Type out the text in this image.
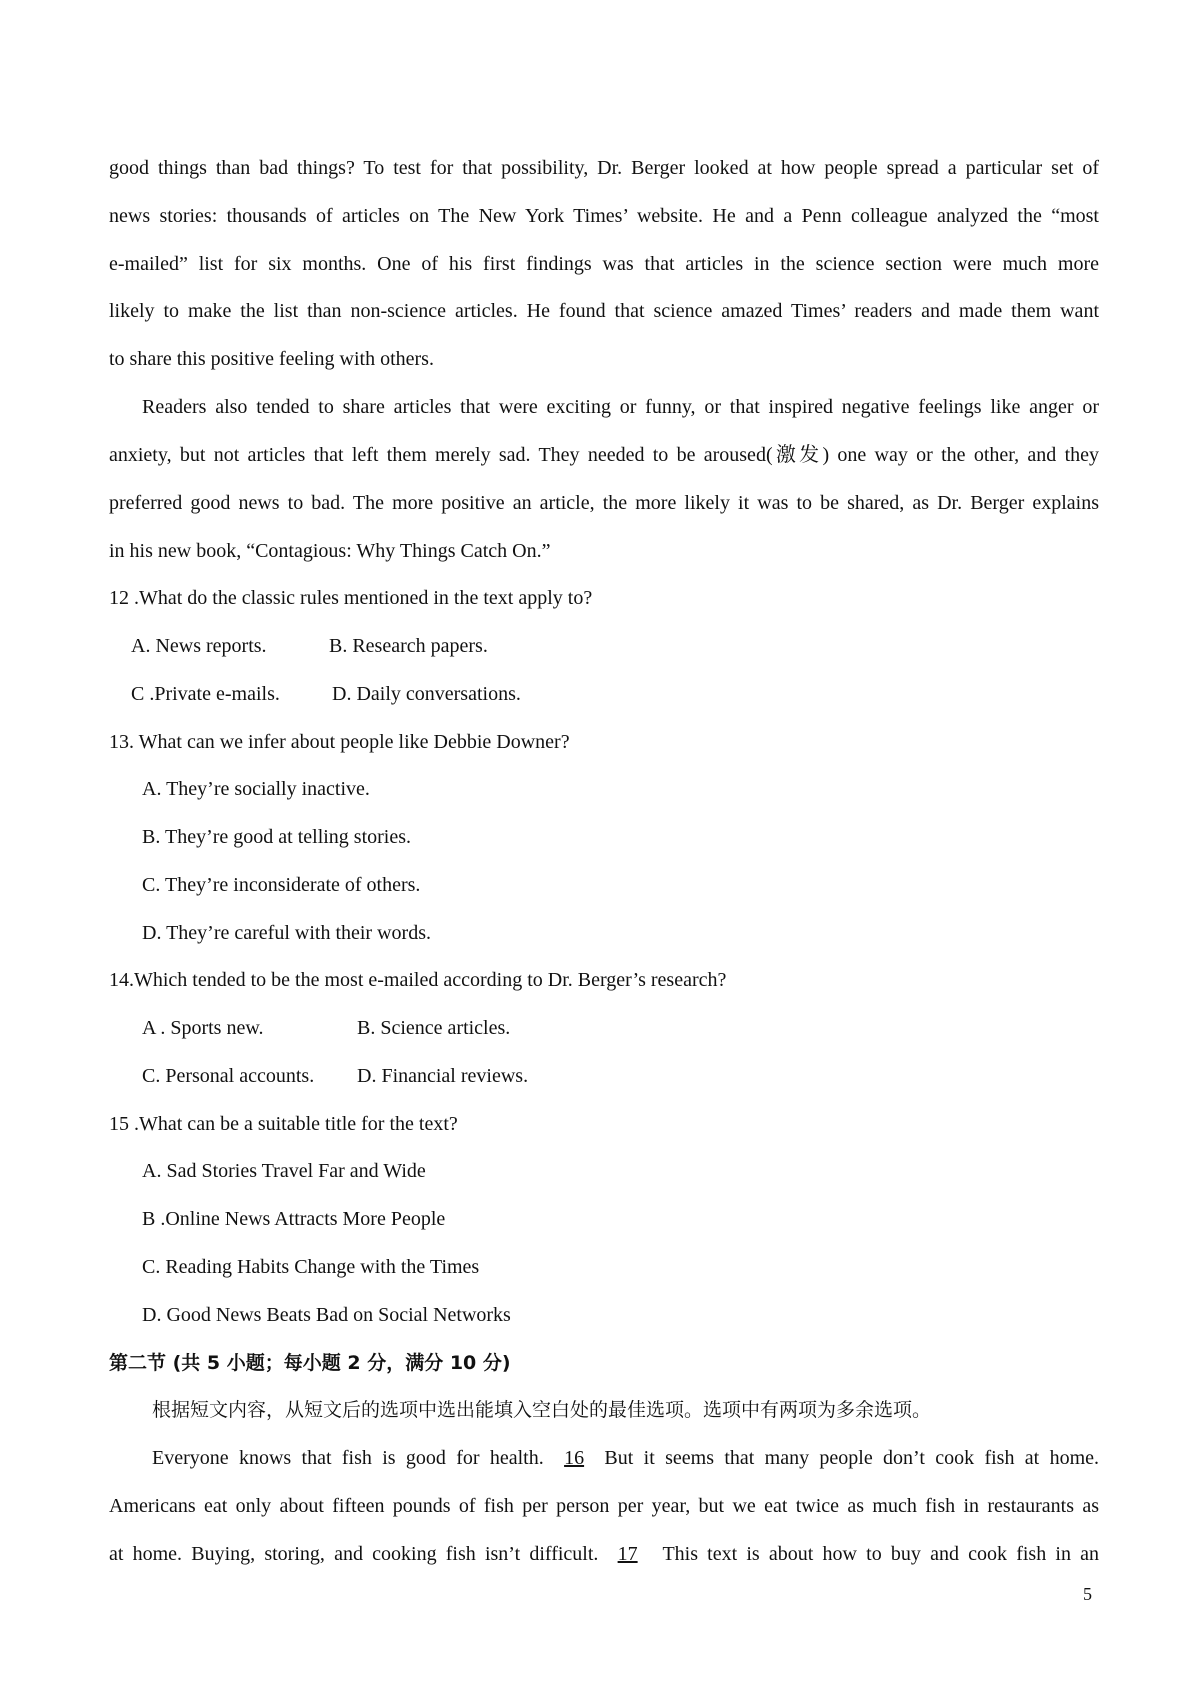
good things than bad things? To test for that possibility, Dr. Berger looked at how people spread a particular set of
news stories: thousands of articles on The New York Times’ website. He and a Penn colleague analyzed the “most
e-mailed” list for six months. One of his first findings was that articles in the science section were much more
likely to make the list than non-science articles. He found that science amazed Times’ readers and made them want
to share this positive feeling with others.
Readers also tended to share articles that were exciting or funny, or that inspired negative feelings like anger or
anxiety, but not articles that left them merely sad. They needed to be aroused(激发) one way or the other, and they
preferred good news to bad. The more positive an article, the more likely it was to be shared, as Dr. Berger explains
in his new book, “Contagious: Why Things Catch On.”
12 .What do the classic rules mentioned in the text apply to?
A. News reports.	B. Research papers.
C .Private e-mails.	D. Daily conversations.
13. What can we infer about people like Debbie Downer?
A. They’re socially inactive.
B. They’re good at telling stories.
C. They’re inconsiderate of others.
D. They’re careful with their words.
14.Which tended to be the most e-mailed according to Dr. Berger’s research?
A . Sports new.	B. Science articles.
C. Personal accounts. D. Financial reviews.
15 .What can be a suitable title for the text?
A. Sad Stories Travel Far and Wide
B .Online News Attracts More People
C. Reading Habits Change with the Times
D. Good News Beats Bad on Social Networks
第二节 (共 5 小题；每小题 2 分，满分 10 分)
根据短文内容，从短文后的选项中选出能填入空白处的最佳选项。选项中有两项为多余选项。
Everyone knows that fish is good for health. 16 But it seems that many people don’t cook fish at home.
Americans eat only about fifteen pounds of fish per person per year, but we eat twice as much fish in restaurants as
at home. Buying, storing, and cooking fish isn’t difficult. 17 This text is about how to buy and cook fish in an
5
